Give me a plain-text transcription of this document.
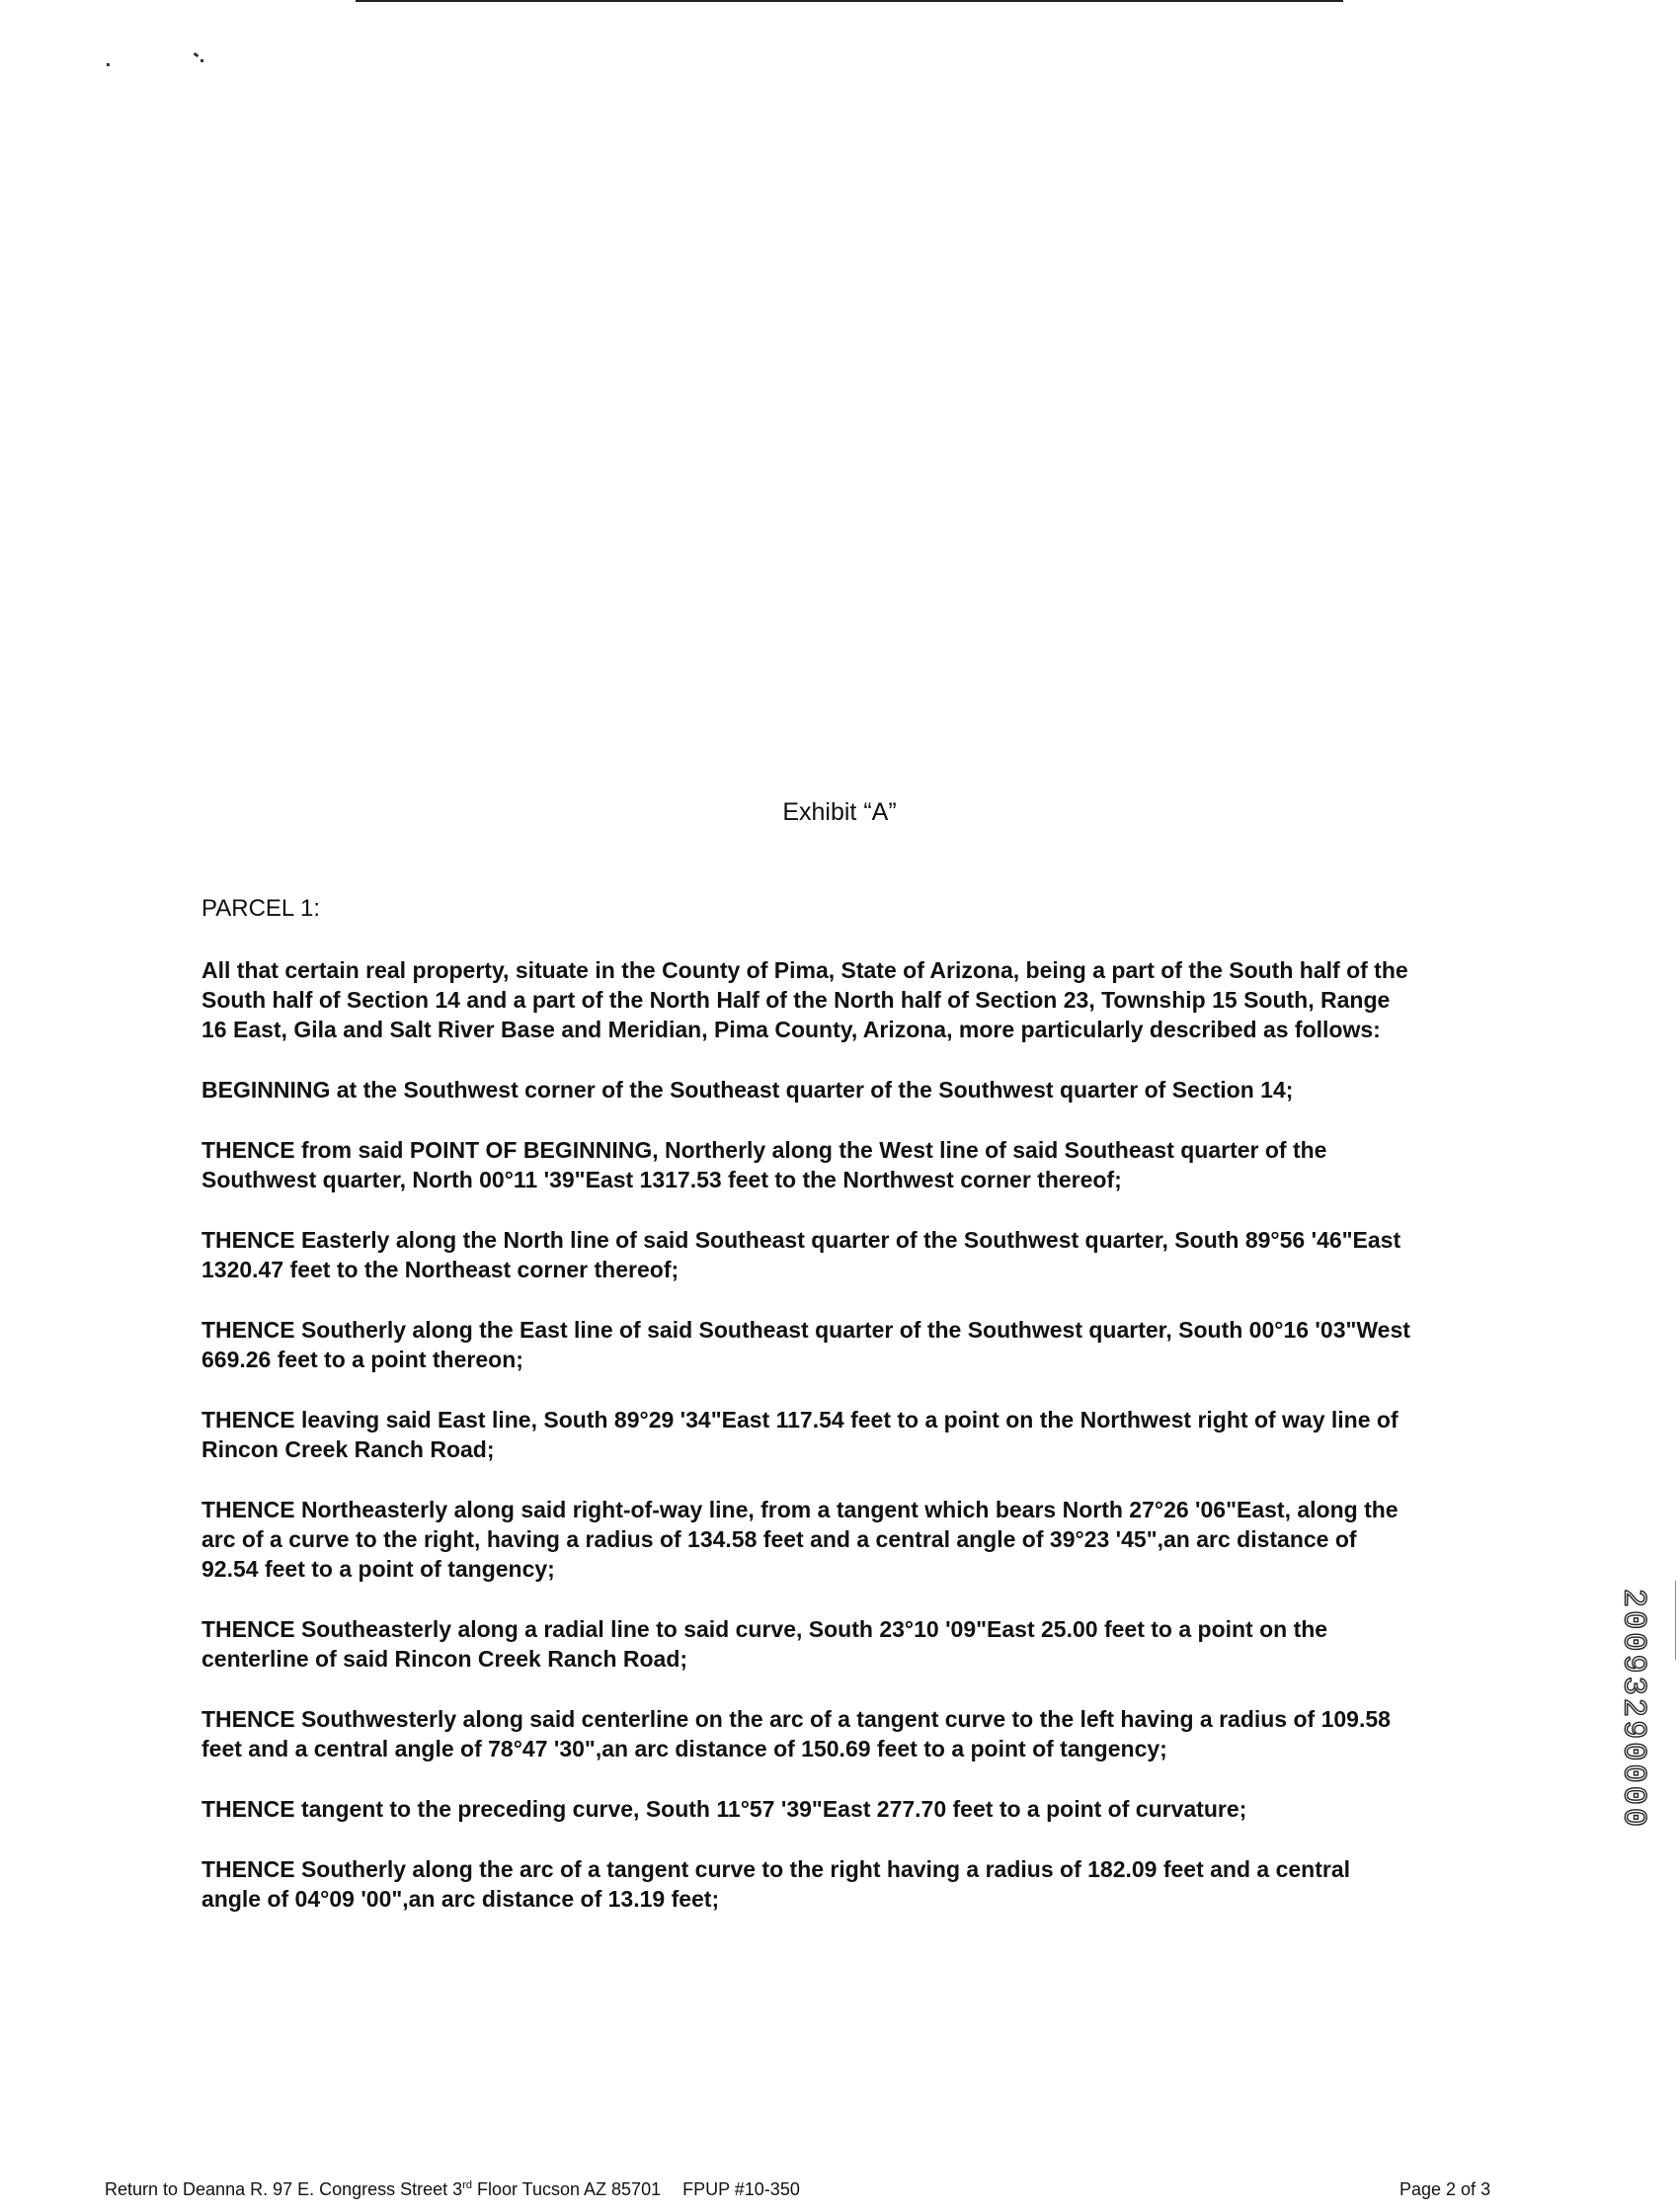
Exhibit “A”
PARCEL 1:

All that certain real property, situate in the County of Pima, State of Arizona, being a part of the South half of the
South half of Section 14 and a part of the North Half of the North half of Section 23, Township 15 South, Range
16 East, Gila and Salt River Base and Meridian, Pima County, Arizona, more particularly described as follows:

BEGINNING at the Southwest corner of the Southeast quarter of the Southwest quarter of Section 14;

THENCE from said POINT OF BEGINNING, Northerly along the West line of said Southeast quarter of the
Southwest quarter, North 00°11 '39"East 1317.53 feet to the Northwest corner thereof;

THENCE Easterly along the North line of said Southeast quarter of the Southwest quarter, South 89°56 '46"East
1320.47 feet to the Northeast corner thereof;

THENCE Southerly along the East line of said Southeast quarter of the Southwest quarter, South 00°16 '03"West
669.26 feet to a point thereon;

THENCE leaving said East line, South 89°29 '34"East 117.54 feet to a point on the Northwest right of way line of
Rincon Creek Ranch Road;

THENCE Northeasterly along said right-of-way line, from a tangent which bears North 27°26 '06"East, along the
arc of a curve to the right, having a radius of 134.58 feet and a central angle of 39°23 '45",an arc distance of
92.54 feet to a point of tangency;

THENCE Southeasterly along a radial line to said curve, South 23°10 '09"East 25.00 feet to a point on the
centerline of said Rincon Creek Ranch Road;

THENCE Southwesterly along said centerline on the arc of a tangent curve to the left having a radius of 109.58
feet and a central angle of 78°47 '30",an arc distance of 150.69 feet to a point of tangency;

THENCE tangent to the preceding curve, South 11°57 '39"East 277.70 feet to a point of curvature;

THENCE Southerly along the arc of a tangent curve to the right having a radius of 182.09 feet and a central
angle of 04°09 '00",an arc distance of 13.19 feet;

20093290000
Return to Deanna R. 97 E. Congress Street 3rd Floor Tucson AZ 85701 FPUP #10-350	Page 2 of 3
